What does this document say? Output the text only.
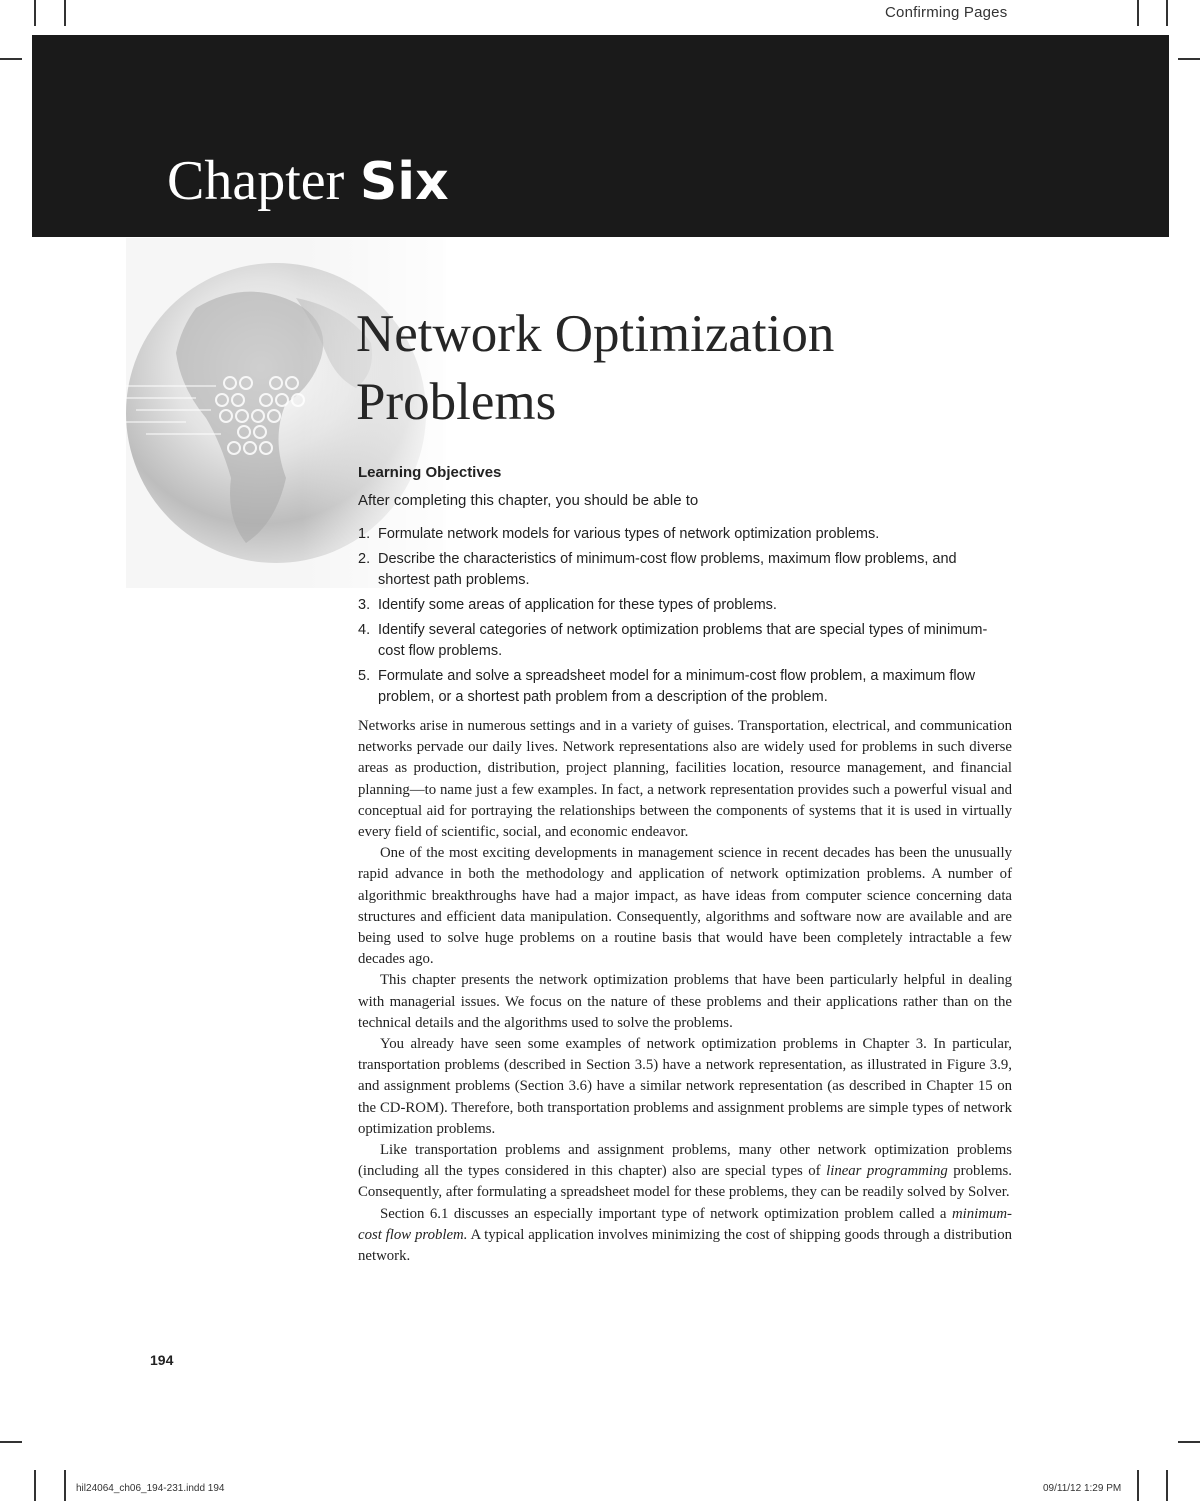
Confirming Pages
Chapter Six
Network Optimization
Problems
Learning Objectives
After completing this chapter, you should be able to
1. Formulate network models for various types of network optimization problems.
2. Describe the characteristics of minimum-cost flow problems, maximum flow problems, and shortest path problems.
3. Identify some areas of application for these types of problems.
4. Identify several categories of network optimization problems that are special types of minimum-cost flow problems.
5. Formulate and solve a spreadsheet model for a minimum-cost flow problem, a maximum flow problem, or a shortest path problem from a description of the problem.

Networks arise in numerous settings and in a variety of guises. Transportation, electrical, and communication networks pervade our daily lives. Network representations also are widely used for problems in such diverse areas as production, distribution, project planning, facilities location, resource management, and financial planning—to name just a few examples. In fact, a network representation provides such a powerful visual and conceptual aid for portraying the relationships between the components of systems that it is used in virtually every field of scientific, social, and economic endeavor.

One of the most exciting developments in management science in recent decades has been the unusually rapid advance in both the methodology and application of network optimization problems. A number of algorithmic breakthroughs have had a major impact, as have ideas from computer science concerning data structures and efficient data manipulation. Consequently, algorithms and software now are available and are being used to solve huge problems on a routine basis that would have been completely intractable a few decades ago.

This chapter presents the network optimization problems that have been particularly helpful in dealing with managerial issues. We focus on the nature of these problems and their applications rather than on the technical details and the algorithms used to solve the problems.

You already have seen some examples of network optimization problems in Chapter 3. In particular, transportation problems (described in Section 3.5) have a network representation, as illustrated in Figure 3.9, and assignment problems (Section 3.6) have a similar network representation (as described in Chapter 15 on the CD-ROM). Therefore, both transportation problems and assignment problems are simple types of network optimization problems.

Like transportation problems and assignment problems, many other network optimization problems (including all the types considered in this chapter) also are special types of linear programming problems. Consequently, after formulating a spreadsheet model for these problems, they can be readily solved by Solver.

Section 6.1 discusses an especially important type of network optimization problem called a minimum-cost flow problem. A typical application involves minimizing the cost of shipping goods through a distribution network.

194
hil24064_ch06_194-231.indd 194	09/11/12 1:29 PM
